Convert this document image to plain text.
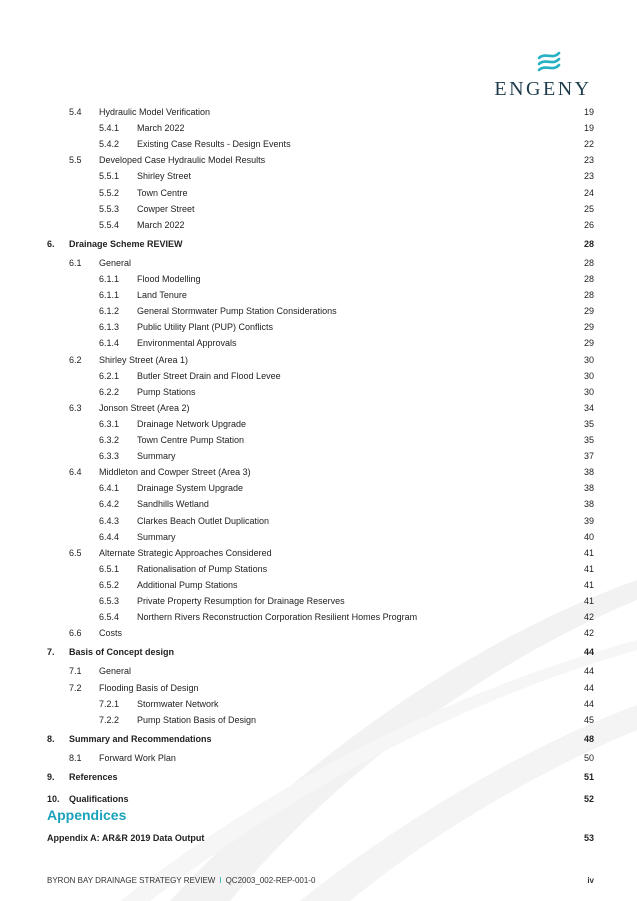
ENGENY
5.4 Hydraulic Model Verification	19
5.4.1 March 2022	19
5.4.2 Existing Case Results - Design Events	22
5.5 Developed Case Hydraulic Model Results	23
5.5.1 Shirley Street	23
5.5.2 Town Centre	24
5.5.3 Cowper Street	25
5.5.4 March 2022	26
6. Drainage Scheme REVIEW	28
6.1 General	28
6.1.1 Flood Modelling	28
6.1.1 Land Tenure	28
6.1.2 General Stormwater Pump Station Considerations	29
6.1.3 Public Utility Plant (PUP) Conflicts	29
6.1.4 Environmental Approvals	29
6.2 Shirley Street (Area 1)	30
6.2.1 Butler Street Drain and Flood Levee	30
6.2.2 Pump Stations	30
6.3 Jonson Street (Area 2)	34
6.3.1 Drainage Network Upgrade	35
6.3.2 Town Centre Pump Station	35
6.3.3 Summary	37
6.4 Middleton and Cowper Street (Area 3)	38
6.4.1 Drainage System Upgrade	38
6.4.2 Sandhills Wetland	38
6.4.3 Clarkes Beach Outlet Duplication	39
6.4.4 Summary	40
6.5 Alternate Strategic Approaches Considered	41
6.5.1 Rationalisation of Pump Stations	41
6.5.2 Additional Pump Stations	41
6.5.3 Private Property Resumption for Drainage Reserves	41
6.5.4 Northern Rivers Reconstruction Corporation Resilient Homes Program	42
6.6 Costs	42
7. Basis of Concept design	44
7.1 General	44
7.2 Flooding Basis of Design	44
7.2.1 Stormwater Network	44
7.2.2 Pump Station Basis of Design	45
8. Summary and Recommendations	48
8.1 Forward Work Plan	50
9. References	51
10. Qualifications	52
Appendices
Appendix A: AR&R 2019 Data Output	53
BYRON BAY DRAINAGE STRATEGY REVIEW I QC2003_002-REP-001-0	iv
